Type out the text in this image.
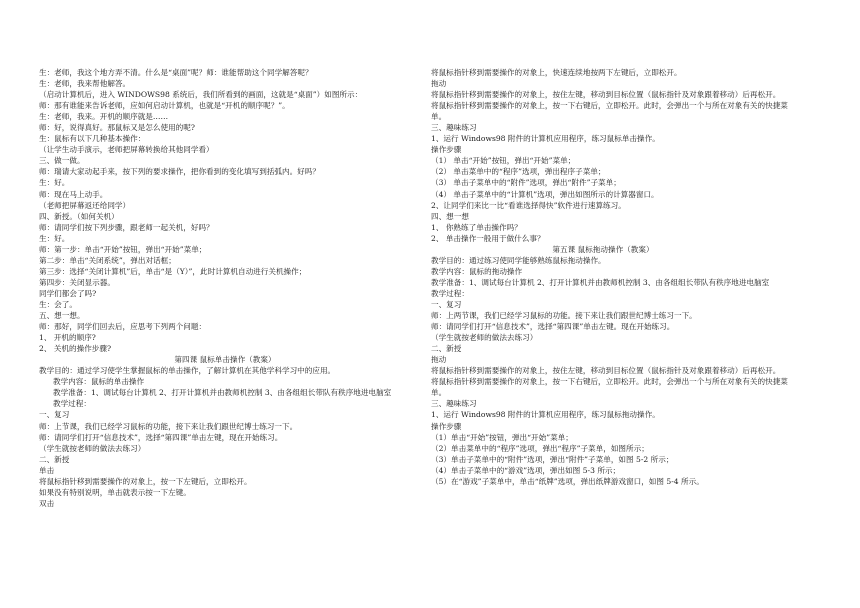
生：老师，我这个地方弄不清。什么是“桌面”呢？师：谁能帮助这个同学解答呢？
生：老师，我来帮他解答。
（启动计算机后，进入 WINDOWS98 系统后，我们所看到的画面，这就是“桌面”）如图所示：
师：那有谁能来告诉老师，应如何启动计算机，也就是“开机的顺序呢？”。
生：老师，我来。开机的顺序就是……
师：好，说得真好。那鼠标又是怎么使用的呢?
生：鼠标有以下几种基本操作：
（让学生动手演示，老师把屏幕转换给其他同学看）
三、做一做。
师：瑞请大家动起手来，按下列的要求操作，把你看到的变化填写到括弧内。好吗？
生：好。
师：现在马上动手。
（老师把屏幕返还给同学）
四、新授。（如何关机）
师：请同学们按下列步骤，跟老师一起关机，好吗？
生：好。
师：第一步：单击“开始”按钮，弹出“开始”菜单；
第二步：单击“关闭系统”，弹出对话框；
第三步：选择“关闭计算机”后，单击“是（Y）”，此时计算机自动进行关机操作；
第四步：关闭显示器。
同学们都会了吗?
生：会了。
五、想一想。
师：那好，同学们回去后，应思考下列两个问题：
1、 开机的顺序?
2、 关机的操作步骤?
第四课 鼠标单击操作（教案）
教学目的：通过学习使学生掌握鼠标的单击操作，了解计算机在其他学科学习中的应用。
教学内容：鼠标的单击操作
教学准备：1、调试每台计算机 2、打开计算机并由教师机控制 3、由各组组长带队有秩序地进电脑室
教学过程：
一、复习
师：上节课，我们已经学习鼠标的功能，接下来让我们跟世纪博士练习一下。
师：请同学们打开“信息技术”，选择“第四课”单击左键，现在开始练习。
（学生就按老师的做法去练习）
二、新授
单击
将鼠标指针移到需要操作的对象上，按一下左键后，立即松开。
如果没有特别说明，单击就表示按一下左键。
双击
将鼠标指针移到需要操作的对象上，快速连续地按两下左键后，立即松开。
拖动
将鼠标指针移到需要操作的对象上，按住左键，移动到目标位置（鼠标指针及对象跟着移动）后再松开。
将鼠标指针移到需要操作的对象上，按一下右键后，立即松开。此时，会弹出一个与所在对象有关的快捷菜单。
三、趣味练习
1、运行 Windows98 附件的计算机应用程序，练习鼠标单击操作。
操作步骤
（1） 单击“开始”按钮，弹出“开始”菜单；
（2） 单击菜单中的“程序”选项，弹出程序子菜单；
（3） 单击子菜单中的“附件”选项，弹出“附件”子菜单；
（4） 单击子菜单中的“计算机”选项，弹出如图所示的计算器窗口。
2、让同学们来比一比“看谁选择得快”软件进行速算练习。
四、想一想
1、 你熟练了单击操作吗？
2、 单击操作一般用于做什么事？
第五课 鼠标拖动操作（教案）
教学目的：通过练习使同学能够熟练鼠标拖动操作。
教学内容：鼠标的拖动操作
教学准备：1、调试每台计算机 2、打开计算机并由教师机控制 3、由各组组长带队有秩序地进电脑室
教学过程：
一、复习
师：上两节课，我们已经学习鼠标的功能。接下来让我们跟世纪博士练习一下。
师：请同学们打开“信息技术”，选择“第四课”单击左键。现在开始练习。
（学生就按老师的做法去练习）
二、新授
拖动
将鼠标指针移到需要操作的对象上，按住左键，移动到目标位置（鼠标指针及对象跟着移动）后再松开。
将鼠标指针移到需要操作的对象上，按一下右键后，立即松开。此时，会弹出一个与所在对象有关的快捷菜单。
三、趣味练习
1、运行 Windows98 附件的计算机应用程序，练习鼠标拖动操作。
操作步骤
（1）单击“开始”按钮，弹出“开始”菜单；
（2）单击菜单中的“程序”选项，弹出“程序”子菜单，如图所示；
（3）单击子菜单中的“附件”选项，弹出“附件”子菜单，如图 5-2 所示；
（4）单击子菜单中的“游戏”选项，弹出如图 5-3 所示；
（5）在“游戏”子菜单中，单击“纸牌”选项，弹出纸牌游戏窗口，如图 5-4 所示。
